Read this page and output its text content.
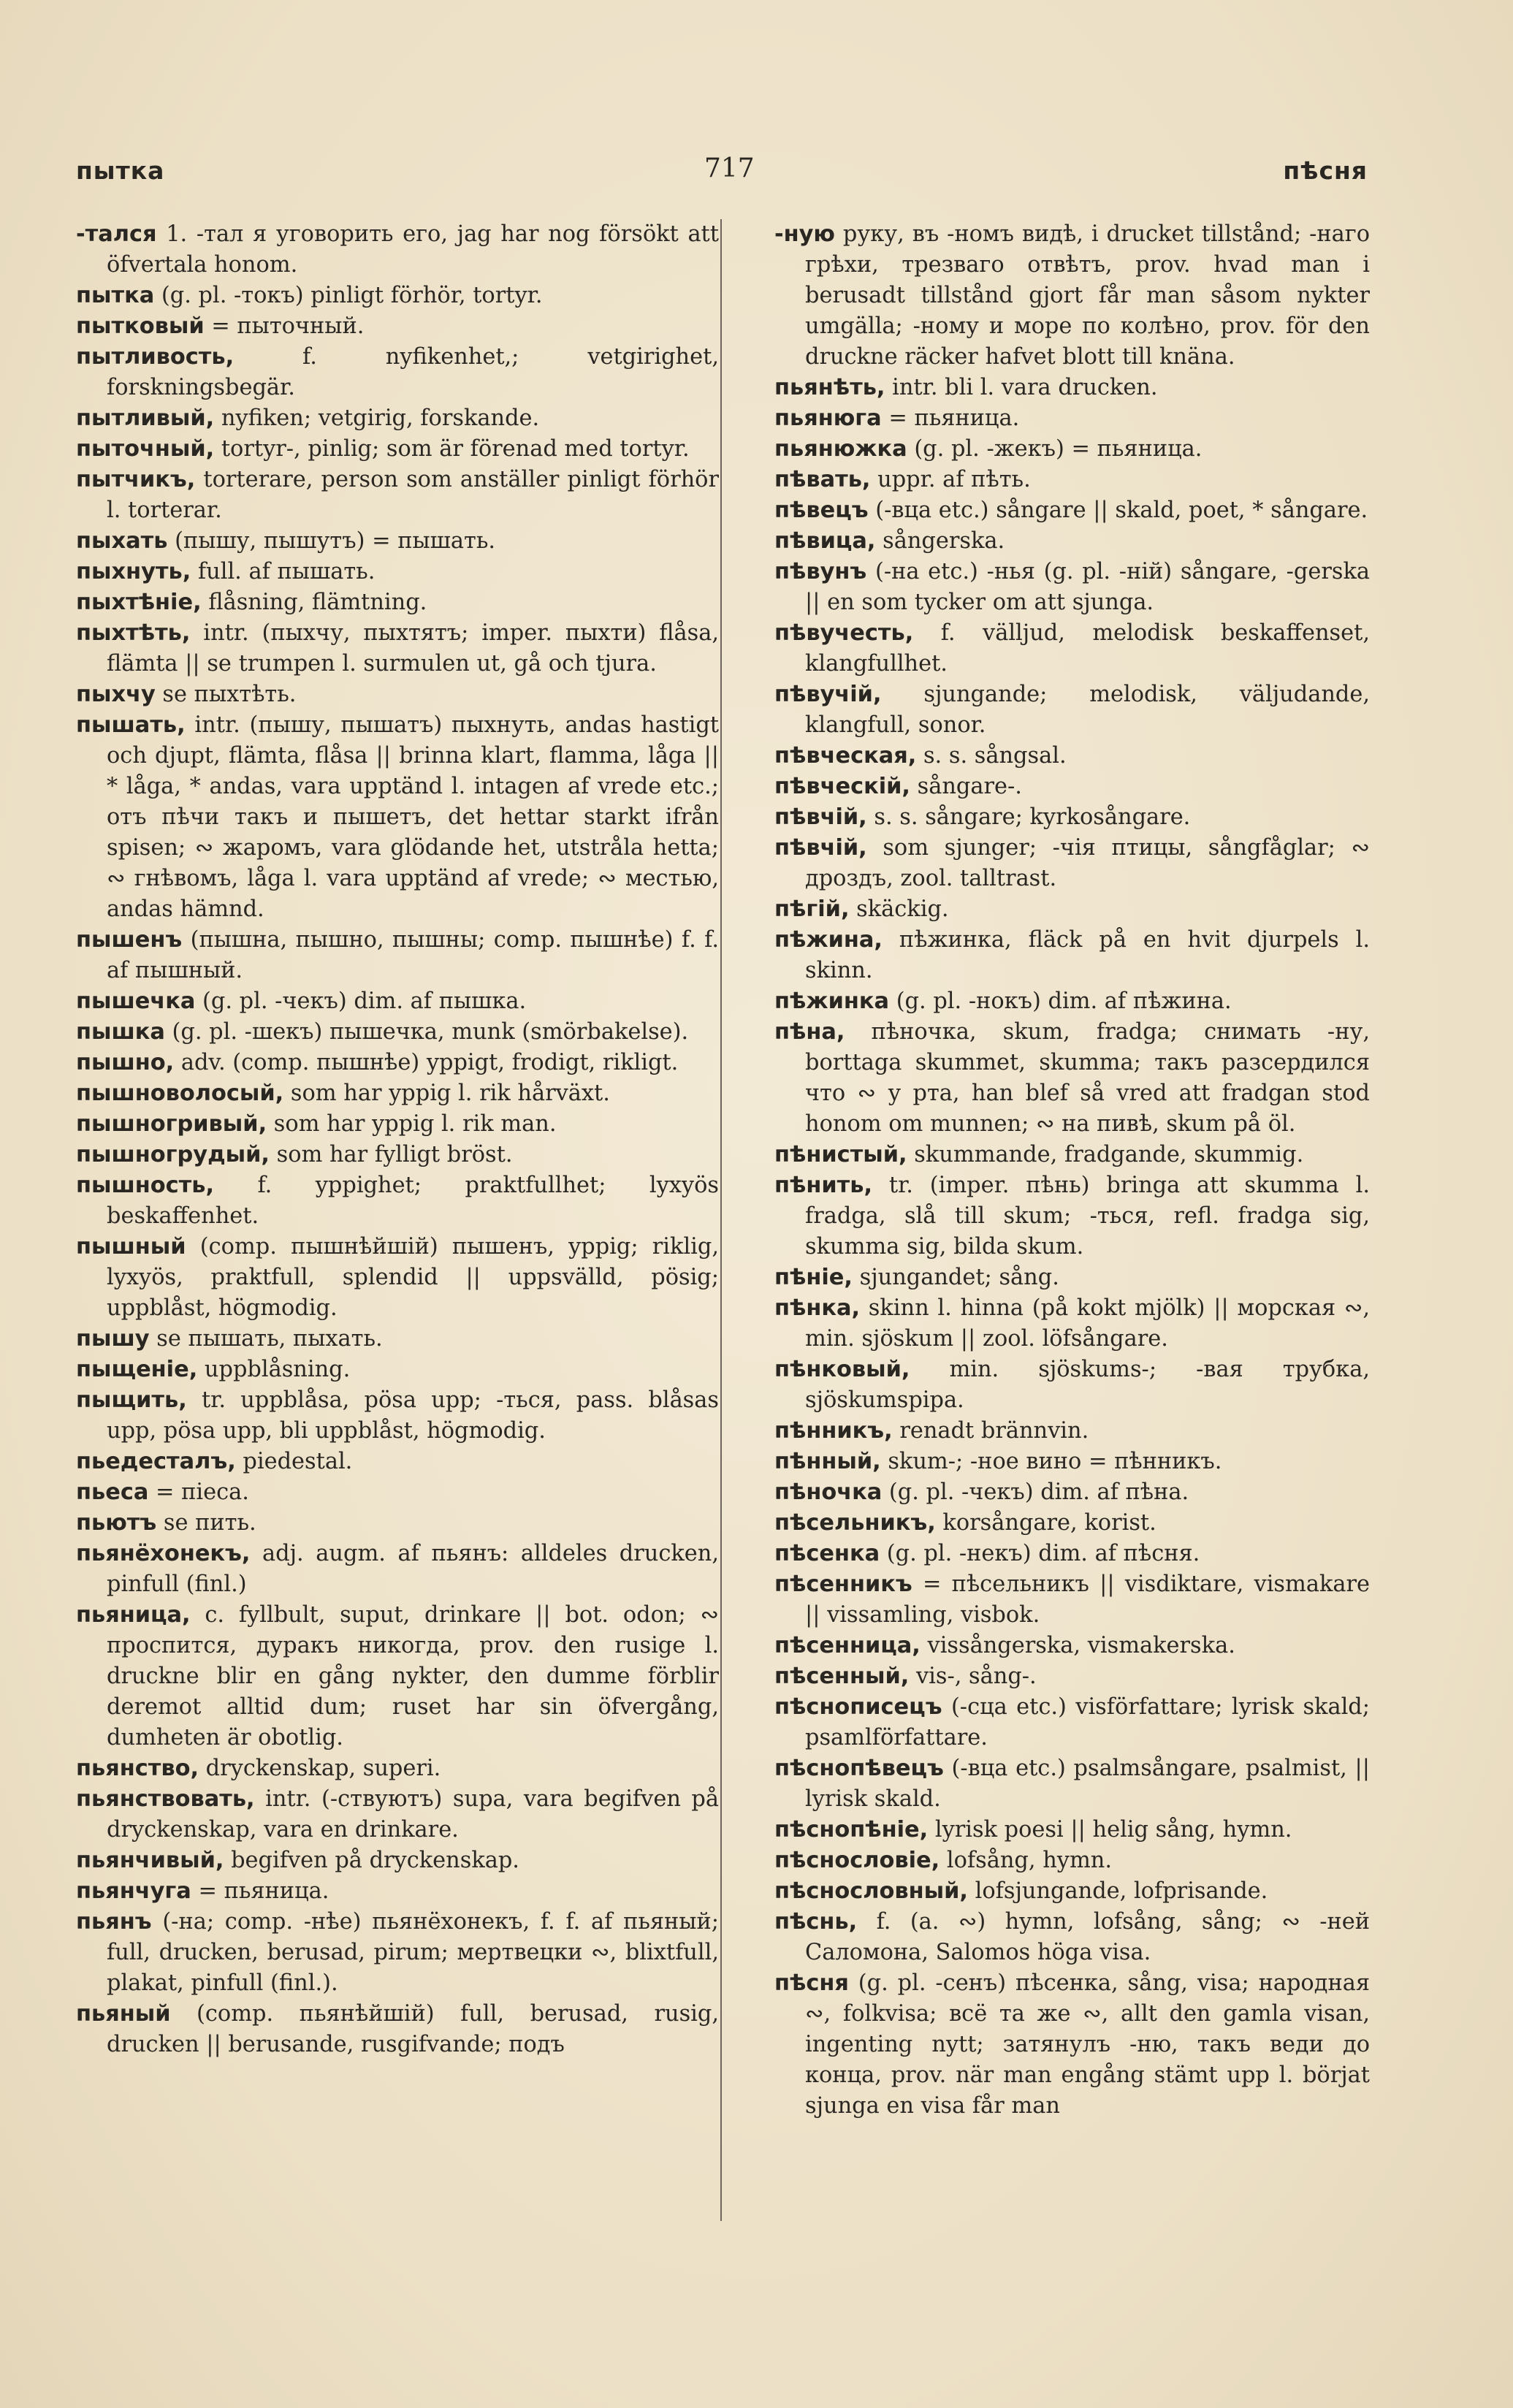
пытка	717	пѣсня

-тался 1. -тал я уговорить его, jag har nog försökt att öfvertala honom.

пытка (g. pl. -токъ) pinligt förhör, tortyr.

пытковый = пыточный.

пытливость, f. nyfikenhet,; vetgirighet, forskningsbegär.

пытливый, nyfiken; vetgirig, forskande.

пыточный, tortyr-, pinlig; som är förenad med tortyr.

пытчикъ, torterare, person som anställer pinligt förhör l. torterar.

пыхать (пышу, пышутъ) = пышать.

пыхнуть, full. af пышать.

пыхтѣніе, flåsning, flämtning.

пыхтѣть, intr. (пыхчу, пыхтятъ; imper. пыхти) flåsa, flämta || se trumpen l. surmulen ut, gå och tjura.

пыхчу se пыхтѣть.

пышать, intr. (пышу, пышатъ) пыхнуть, andas hastigt och djupt, flämta, flåsa || brinna klart, flamma, låga || * låga, * andas, vara upptänd l. intagen af vrede etc.; отъ пѣчи такъ и пышетъ, det hettar starkt ifrån spisen; ∾ жаромъ, vara glödande het, utstråla hetta; ∾ гнѣвомъ, låga l. vara upptänd af vrede; ∾ местью, andas hämnd.

пышенъ (пышна, пышно, пышны; comp. пышнѣе) f. f. af пышный.

пышечка (g. pl. -чекъ) dim. af пышка.

пышка (g. pl. -шекъ) пышечка, munk (smörbakelse).

пышно, adv. (comp. пышнѣе) yppigt, frodigt, rikligt.

пышноволосый, som har yppig l. rik hårväxt.

пышногривый, som har yppig l. rik man.

пышногрудый, som har fylligt bröst.

пышность, f. yppighet; praktfullhet; lyxyös beskaffenhet.

пышный (comp. пышнѣйшій) пышенъ, yppig; riklig, lyxyös, praktfull, splendid || uppsvälld, pösig; uppblåst, högmodig.

пышу se пышать, пыхать.

пыщеніе, uppblåsning.

пыщить, tr. uppblåsa, pösa upp; -ться, pass. blåsas upp, pösa upp, bli uppblåst, högmodig.

пьедесталъ, piedestal.

пьеса = піеса.

пьютъ se пить.

пьянёхонекъ, adj. augm. af пьянъ: alldeles drucken, pinfull (finl.)

пьяница, c. fyllbult, suput, drinkare || bot. odon; ∾ проспится, дуракъ никогда, prov. den rusige l. druckne blir en gång nykter, den dumme förblir deremot alltid dum; ruset har sin öfvergång, dumheten är obotlig.

пьянство, dryckenskap, superi.

пьянствовать, intr. (-ствуютъ) supa, vara begifven på dryckenskap, vara en drinkare.

пьянчивый, begifven på dryckenskap.

пьянчуга = пьяница.

пьянъ (-на; comp. -нѣе) пьянёхонекъ, f. f. af пьяный; full, drucken, berusad, pirum; мертвецки ∾, blixtfull, plakat, pinfull (finl.).

пьяный (comp. пьянѣйшій) full, berusad, rusig, drucken || berusande, rusgifvande; подъ

-ную руку, въ -номъ видѣ, i drucket tillstånd; -наго грѣхи, трезваго отвѣтъ, prov. hvad man i berusadt tillstånd gjort får man såsom nykter umgälla; -ному и море по колѣно, prov. för den druckne räcker hafvet blott till knäna.

пьянѣть, intr. bli l. vara drucken.

пьянюга = пьяница.

пьянюжка (g. pl. -жекъ) = пьяница.

пѣвать, uppr. af пѣть.

пѣвецъ (-вца etc.) sångare || skald, poet, * sångare.

пѣвица, sångerska.

пѣвунъ (-на etc.) -нья (g. pl. -ній) sångare, -gerska || en som tycker om att sjunga.

пѣвучесть, f. välljud, melodisk beskaffenset, klangfullhet.

пѣвучій, sjungande; melodisk, väljudande, klangfull, sonor.

пѣвческая, s. s. sångsal.

пѣвческій, sångare-.

пѣвчій, s. s. sångare; kyrkosångare.

пѣвчій, som sjunger; -чія птицы, sångfåglar; ∾ дроздъ, zool. talltrast.

пѣгій, skäckig.

пѣжина, пѣжинка, fläck på en hvit djurpels l. skinn.

пѣжинка (g. pl. -нокъ) dim. af пѣжина.

пѣна, пѣночка, skum, fradga; снимать -ну, borttaga skummet, skumma; такъ разсердился что ∾ у рта, han blef så vred att fradgan stod honom om munnen; ∾ на пивѣ, skum på öl.

пѣнистый, skummande, fradgande, skummig.

пѣнить, tr. (imper. пѣнь) bringa att skumma l. fradga, slå till skum; -ться, refl. fradga sig, skumma sig, bilda skum.

пѣніе, sjungandet; sång.

пѣнка, skinn l. hinna (på kokt mjölk) || морская ∾, min. sjöskum || zool. löfsångare.

пѣнковый, min. sjöskums-; -вая трубка, sjöskumspipa.

пѣнникъ, renadt brännvin.

пѣнный, skum-; -ное вино = пѣнникъ.

пѣночка (g. pl. -чекъ) dim. af пѣна.

пѣсельникъ, korsångare, korist.

пѣсенка (g. pl. -некъ) dim. af пѣсня.

пѣсенникъ = пѣсельникъ || visdiktare, vismakare || vissamling, visbok.

пѣсенница, vissångerska, vismakerska.

пѣсенный, vis-, sång-.

пѣснописецъ (-сца etc.) visförfattare; lyrisk skald; psamlförfattare.

пѣснопѣвецъ (-вца etc.) psalmsångare, psalmist, || lyrisk skald.

пѣснопѣніе, lyrisk poesi || helig sång, hymn.

пѣснословіе, lofsång, hymn.

пѣснословный, lofsjungande, lofprisande.

пѣснь, f. (a. ∾) hymn, lofsång, sång; ∾ -ней Саломона, Salomos höga visa.

пѣсня (g. pl. -сенъ) пѣсенка, sång, visa; народная ∾, folkvisa; всё та же ∾, allt den gamla visan, ingenting nytt; затянулъ -ню, такъ веди до конца, prov. när man engång stämt upp l. börjat sjunga en visa får man
